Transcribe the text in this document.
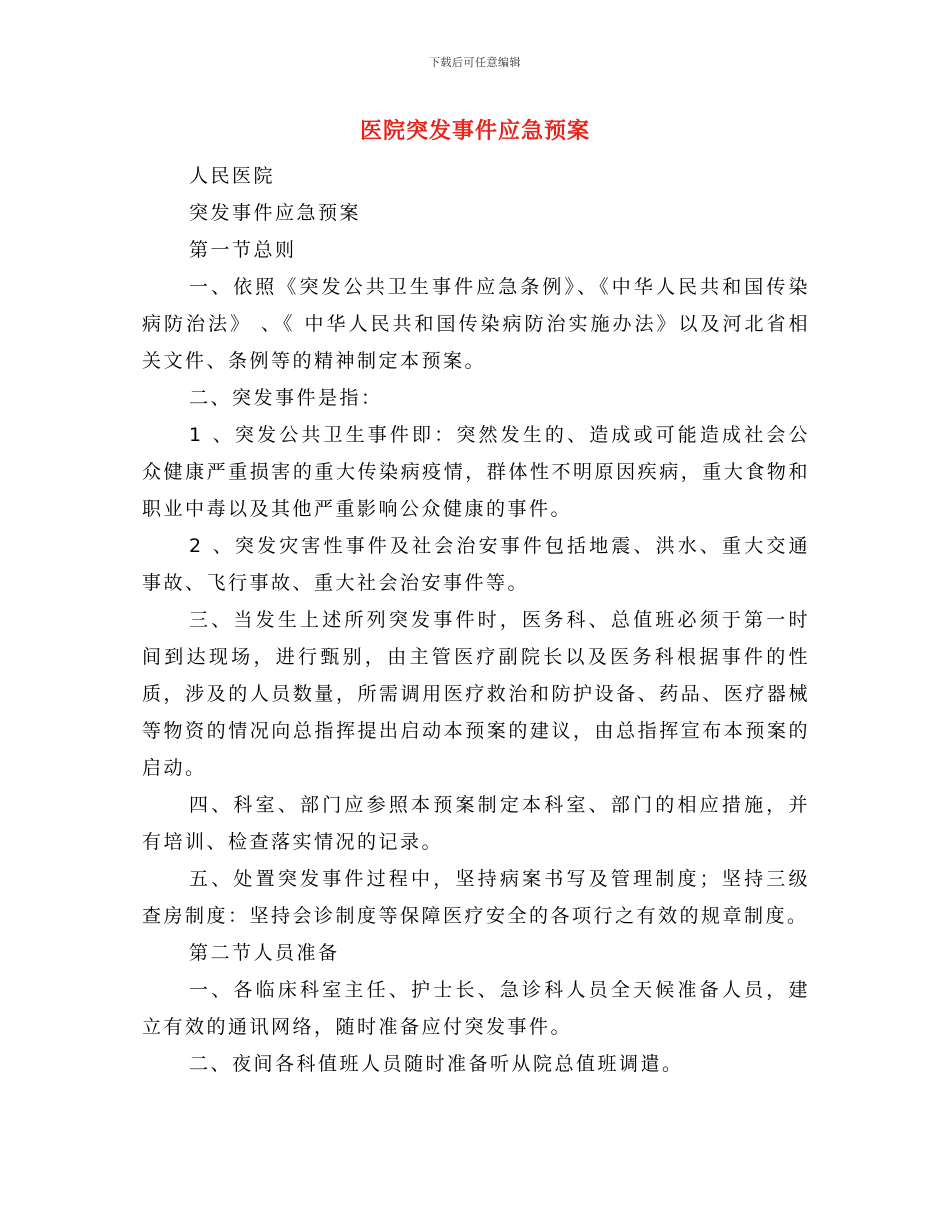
下载后可任意编辑
医院突发事件应急预案

人民医院

突发事件应急预案

第一节总则

一、依照《突发公共卫生事件应急条例》、《中华人民共和国传染病防治法》 、《 中华人民共和国传染病防治实施办法》以及河北省相关文件、条例等的精神制定本预案。

二、突发事件是指：

1 、突发公共卫生事件即：突然发生的、造成或可能造成社会公众健康严重损害的重大传染病疫情，群体性不明原因疾病，重大食物和职业中毒以及其他严重影响公众健康的事件。

2 、突发灾害性事件及社会治安事件包括地震、洪水、重大交通事故、飞行事故、重大社会治安事件等。

三、当发生上述所列突发事件时，医务科、总值班必须于第一时间到达现场，进行甄别，由主管医疗副院长以及医务科根据事件的性质，涉及的人员数量，所需调用医疗救治和防护设备、药品、医疗器械等物资的情况向总指挥提出启动本预案的建议，由总指挥宣布本预案的启动。

四、科室、部门应参照本预案制定本科室、部门的相应措施，并有培训、检查落实情况的记录。

五、处置突发事件过程中，坚持病案书写及管理制度；坚持三级查房制度：坚持会诊制度等保障医疗安全的各项行之有效的规章制度。

第二节人员准备

一、各临床科室主任、护士长、急诊科人员全天候准备人员，建立有效的通讯网络，随时准备应付突发事件。

二、夜间各科值班人员随时准备听从院总值班调遣。
